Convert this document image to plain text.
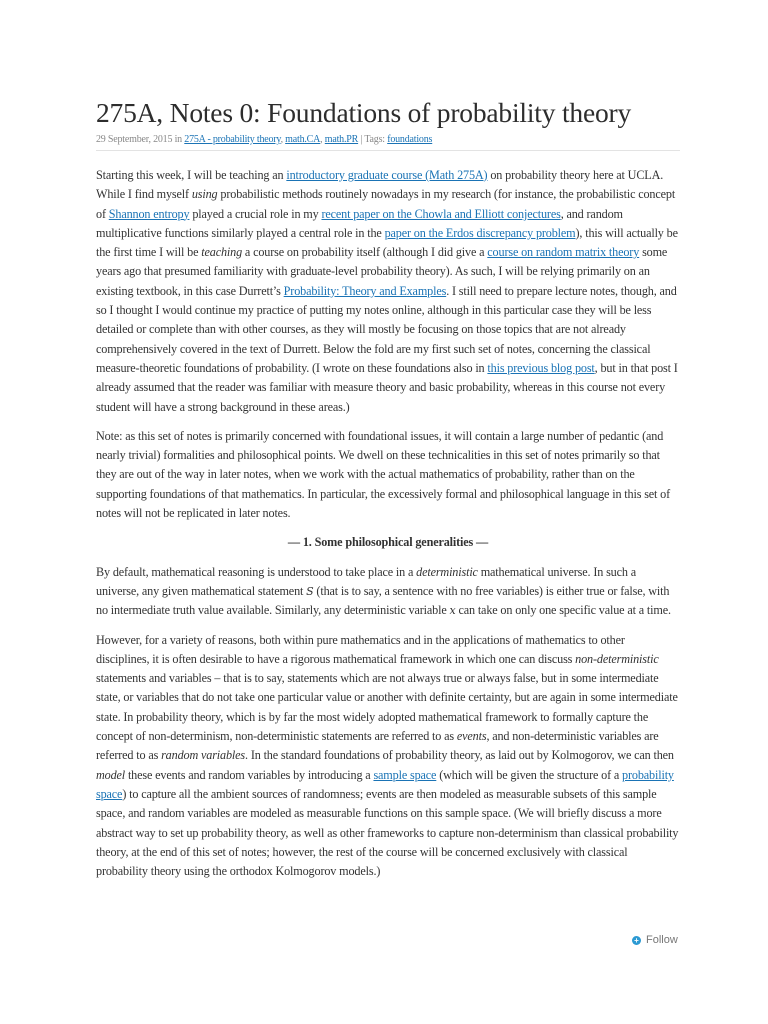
275A, Notes 0: Foundations of probability theory
29 September, 2015 in 275A - probability theory, math.CA, math.PR | Tags: foundations

Starting this week, I will be teaching an introductory graduate course (Math 275A) on probability theory here at UCLA. While I find myself using probabilistic methods routinely nowadays in my research (for instance, the probabilistic concept of Shannon entropy played a crucial role in my recent paper on the Chowla and Elliott conjectures, and random multiplicative functions similarly played a central role in the paper on the Erdos discrepancy problem), this will actually be the first time I will be teaching a course on probability itself (although I did give a course on random matrix theory some years ago that presumed familiarity with graduate-level probability theory). As such, I will be relying primarily on an existing textbook, in this case Durrett’s Probability: Theory and Examples. I still need to prepare lecture notes, though, and so I thought I would continue my practice of putting my notes online, although in this particular case they will be less detailed or complete than with other courses, as they will mostly be focusing on those topics that are not already comprehensively covered in the text of Durrett. Below the fold are my first such set of notes, concerning the classical measure-theoretic foundations of probability. (I wrote on these foundations also in this previous blog post, but in that post I already assumed that the reader was familiar with measure theory and basic probability, whereas in this course not every student will have a strong background in these areas.)

Note: as this set of notes is primarily concerned with foundational issues, it will contain a large number of pedantic (and nearly trivial) formalities and philosophical points. We dwell on these technicalities in this set of notes primarily so that they are out of the way in later notes, when we work with the actual mathematics of probability, rather than on the supporting foundations of that mathematics. In particular, the excessively formal and philosophical language in this set of notes will not be replicated in later notes.

— 1. Some philosophical generalities —

By default, mathematical reasoning is understood to take place in a deterministic mathematical universe. In such a universe, any given mathematical statement S (that is to say, a sentence with no free variables) is either true or false, with no intermediate truth value available. Similarly, any deterministic variable x can take on only one specific value at a time.

However, for a variety of reasons, both within pure mathematics and in the applications of mathematics to other disciplines, it is often desirable to have a rigorous mathematical framework in which one can discuss non-deterministic statements and variables – that is to say, statements which are not always true or always false, but in some intermediate state, or variables that do not take one particular value or another with definite certainty, but are again in some intermediate state. In probability theory, which is by far the most widely adopted mathematical framework to formally capture the concept of non-determinism, non-deterministic statements are referred to as events, and non-deterministic variables are referred to as random variables. In the standard foundations of probability theory, as laid out by Kolmogorov, we can then model these events and random variables by introducing a sample space (which will be given the structure of a probability space) to capture all the ambient sources of randomness; events are then modeled as measurable subsets of this sample space, and random variables are modeled as measurable functions on this sample space. (We will briefly discuss a more abstract way to set up probability theory, as well as other frameworks to capture non-determinism than classical probability theory, at the end of this set of notes; however, the rest of the course will be concerned exclusively with classical probability theory using the orthodox Kolmogorov models.)

+ Follow
